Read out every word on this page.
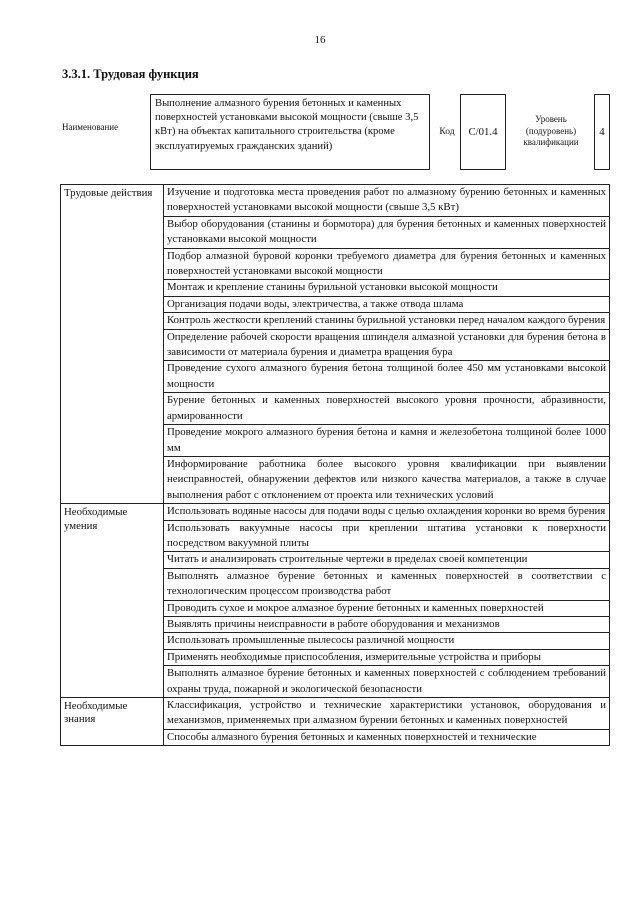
16
3.3.1. Трудовая функция
Наименование
Выполнение алмазного бурения бетонных и каменных поверхностей установками высокой мощности (свыше 3,5 кВт) на объектах капитального строительства (кроме эксплуатируемых гражданских зданий)
Код	C/01.4
Уровень (подуровень) квалификации
4
Трудовые действия	Изучение и подготовка места проведения работ по алмазному бурению бетонных и каменных поверхностей установками высокой мощности (свыше 3,5 кВт)
	Выбор оборудования (станины и бормотора) для бурения бетонных и каменных поверхностей установками высокой мощности
	Подбор алмазной буровой коронки требуемого диаметра для бурения бетонных и каменных поверхностей установками высокой мощности
	Монтаж и крепление станины бурильной установки высокой мощности
	Организация подачи воды, электричества, а также отвода шлама
	Контроль жесткости креплений станины бурильной установки перед началом каждого бурения
	Определение рабочей скорости вращения шпинделя алмазной установки для бурения бетона в зависимости от материала бурения и диаметра вращения бура
	Проведение сухого алмазного бурения бетона толщиной более 450 мм установками высокой мощности
	Бурение бетонных и каменных поверхностей высокого уровня прочности, абразивности, армированности
	Проведение мокрого алмазного бурения бетона и камня и железобетона толщиной более 1000 мм
	Информирование работника более высокого уровня квалификации при выявлении неисправностей, обнаружении дефектов или низкого качества материалов, а также в случае выполнения работ с отклонением от проекта или технических условий
Необходимые умения	Использовать водяные насосы для подачи воды с целью охлаждения коронки во время бурения
	Использовать вакуумные насосы при креплении штатива установки к поверхности посредством вакуумной плиты
	Читать и анализировать строительные чертежи в пределах своей компетенции
	Выполнять алмазное бурение бетонных и каменных поверхностей в соответствии с технологическим процессом производства работ
	Проводить сухое и мокрое алмазное бурение бетонных и каменных поверхностей
	Выявлять причины неисправности в работе оборудования и механизмов
	Использовать промышленные пылесосы различной мощности
	Применять необходимые приспособления, измерительные устройства и приборы
	Выполнять алмазное бурение бетонных и каменных поверхностей с соблюдением требований охраны труда, пожарной и экологической безопасности
Необходимые знания	Классификация, устройство и технические характеристики установок, оборудования и механизмов, применяемых при алмазном бурении бетонных и каменных поверхностей
	Способы алмазного бурения бетонных и каменных поверхностей и технические
